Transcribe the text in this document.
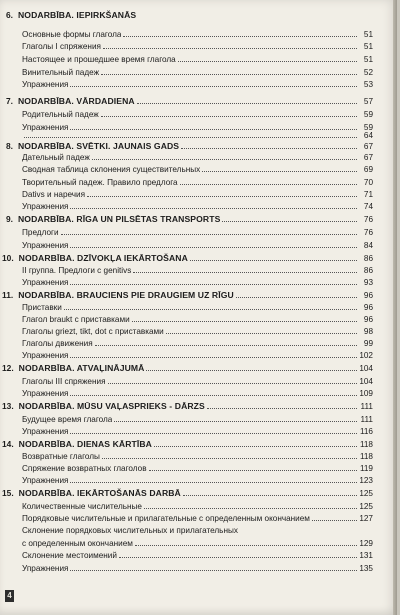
6. NODARBĪBA. IEPIRKŠANĀS
Основные формы глагола	51
Глаголы I спряжения	51
Настоящее и прошедшее время глагола	51
Винительный падеж	52
Упражнения	53
7. NODARBĪBA. VĀRDADIENA	57
Родительный падеж	59
Упражнения	59
64
8. NODARBĪBA. SVĒTKI. JAUNAIS GADS	67
Дательный падеж	67
Сводная таблица склонения существительных	69
Творительный падеж. Правило предлога	70
Dativs и наречия	71
Упражнения	74
9. NODARBĪBA. RĪGA UN PILSĒTAS TRANSPORTS	76
Предлоги	76
Упражнения	84
10. NODARBĪBA. DZĪVOKĻA IEKĀRTOŠANA	86
II группа. Предлоги с genitivs	86
Упражнения	93
11. NODARBĪBA. BRAUCIENS PIE DRAUGIEM UZ RĪGU	96
Приставки	96
Глагол braukt с приставками	96
Глаголы griezt, tikt, dot с приставками	98
Глаголы движения	99
Упражнения	102
12. NODARBĪBA. ATVAĻINĀJUMĀ	104
Глаголы III спряжения	104
Упражнения	109
13. NODARBĪBA. MŪSU VAĻASPRIEKS - DĀRZS	111
Будущее время глагола	111
Упражнения	116
14. NODARBĪBA. DIENAS KĀRTĪBA	118
Возвратные глаголы	118
Спряжение возвратных глаголов	119
Упражнения	123
15. NODARBĪBA. IEKĀRTOŠANĀS DARBĀ	125
Количественные числительные	125
Порядковые числительные и прилагательные с определенным окончанием	127
Склонение порядковых числительных и прилагательных
с определенным окончанием	129
Склонение местоимений	131
Упражнения	135
4
